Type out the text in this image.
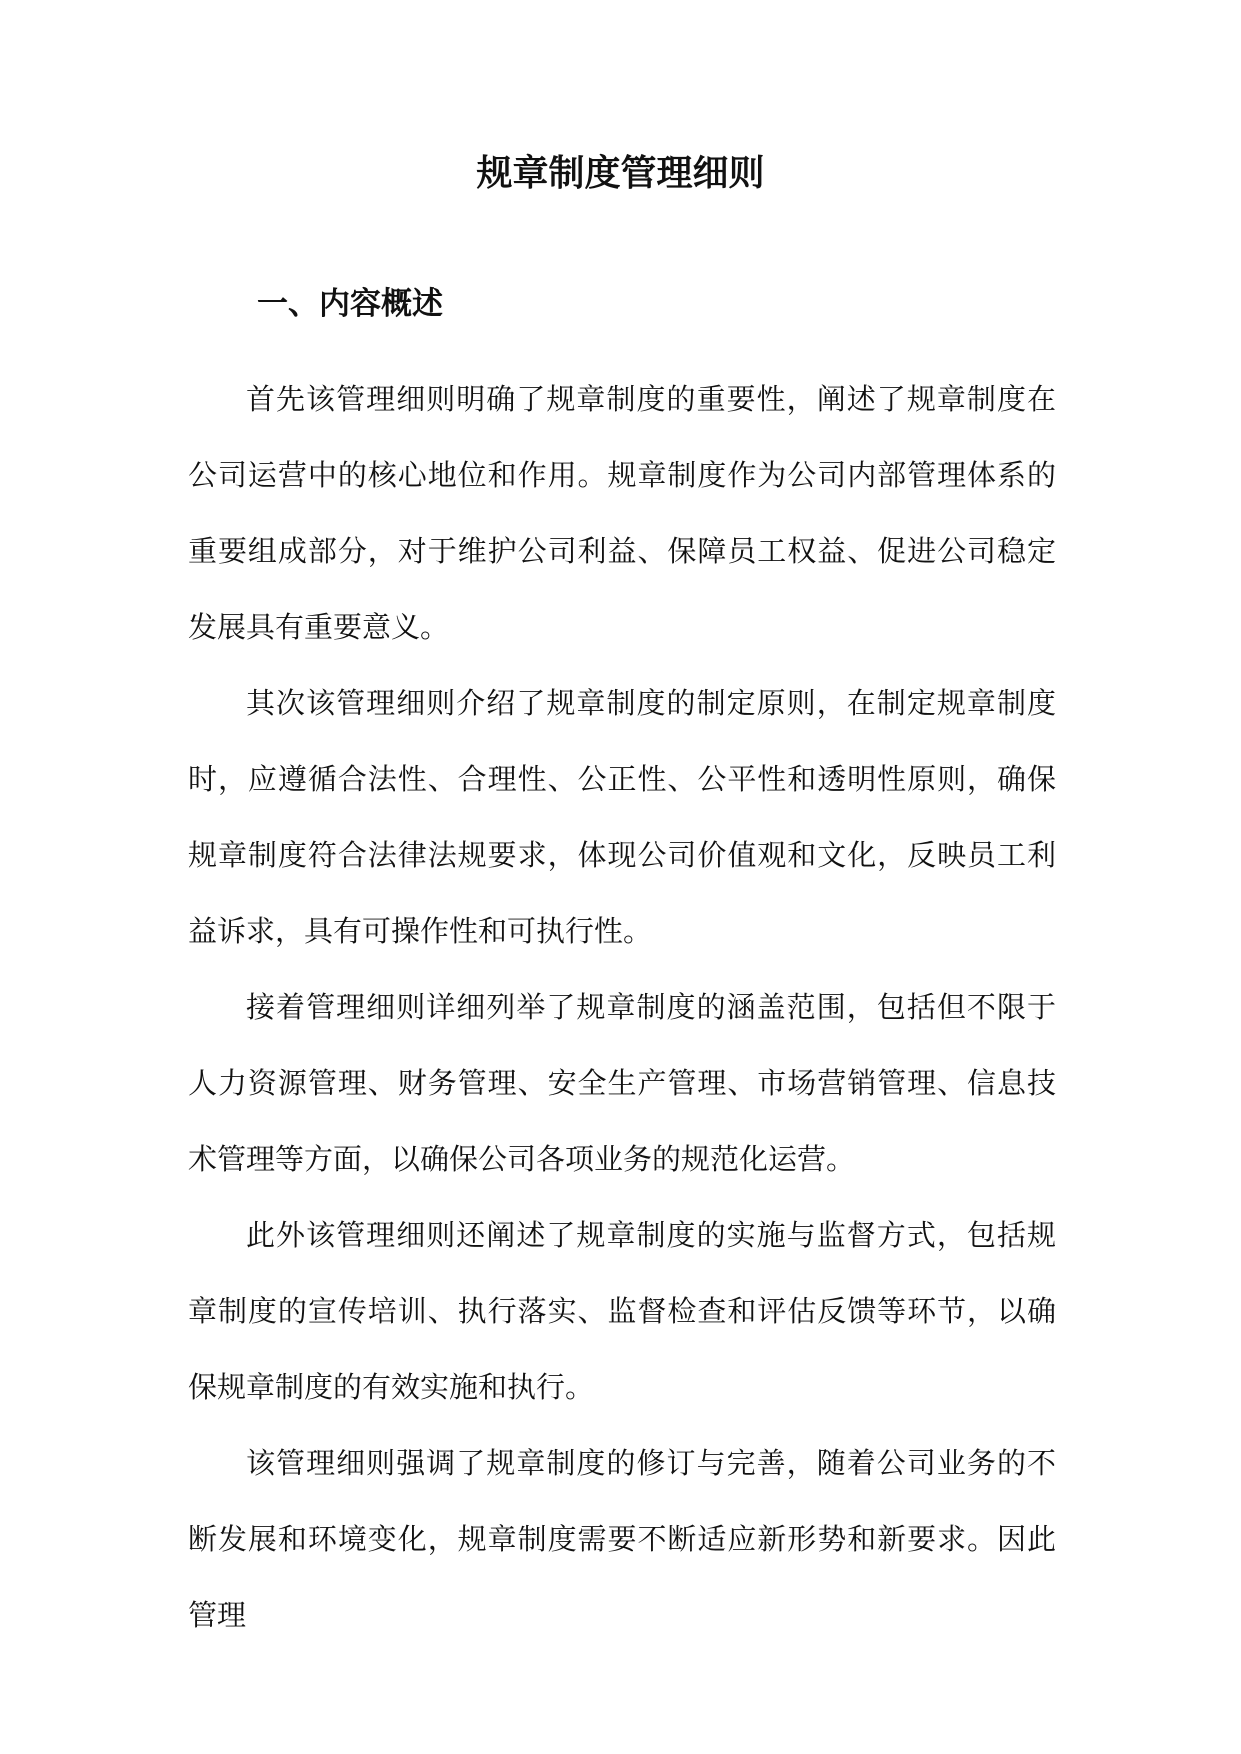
规章制度管理细则
一、内容概述

首先该管理细则明确了规章制度的重要性，阐述了规章制度在公司运营中的核心地位和作用。规章制度作为公司内部管理体系的重要组成部分，对于维护公司利益、保障员工权益、促进公司稳定发展具有重要意义。

其次该管理细则介绍了规章制度的制定原则，在制定规章制度时，应遵循合法性、合理性、公正性、公平性和透明性原则，确保规章制度符合法律法规要求，体现公司价值观和文化，反映员工利益诉求，具有可操作性和可执行性。

接着管理细则详细列举了规章制度的涵盖范围，包括但不限于人力资源管理、财务管理、安全生产管理、市场营销管理、信息技术管理等方面，以确保公司各项业务的规范化运营。

此外该管理细则还阐述了规章制度的实施与监督方式，包括规章制度的宣传培训、执行落实、监督检查和评估反馈等环节，以确保规章制度的有效实施和执行。

该管理细则强调了规章制度的修订与完善，随着公司业务的不断发展和环境变化，规章制度需要不断适应新形势和新要求。因此管理
